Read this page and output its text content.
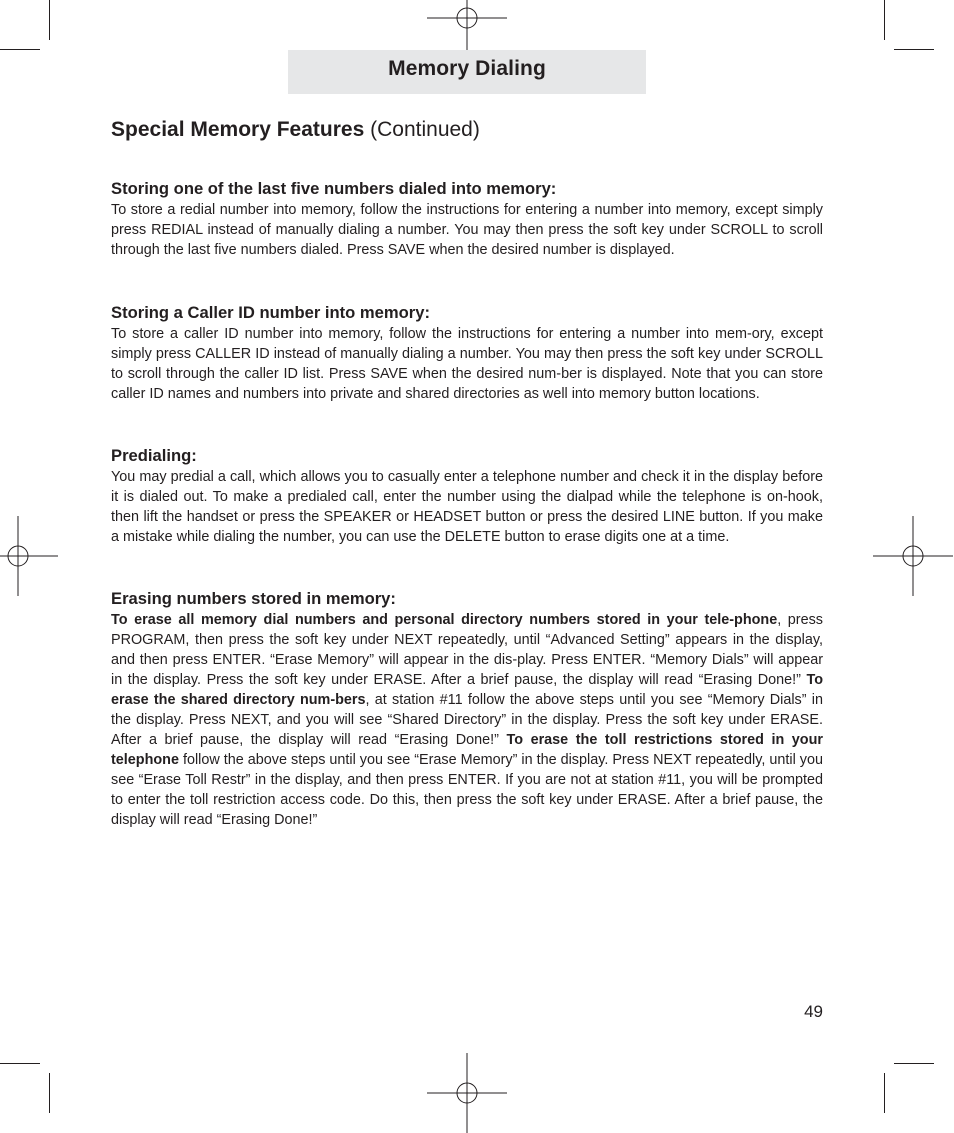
Memory Dialing
Special Memory Features (Continued)
Storing one of the last five numbers dialed into memory:

To store a redial number into memory, follow the instructions for entering a number into memory, except simply press REDIAL instead of manually dialing a number. You may then press the soft key under SCROLL to scroll through the last five numbers dialed. Press SAVE when the desired number is displayed.

Storing a Caller ID number into memory:

To store a caller ID number into memory, follow the instructions for entering a number into mem-ory, except simply press CALLER ID instead of manually dialing a number. You may then press the soft key under SCROLL to scroll through the caller ID list. Press SAVE when the desired num-ber is displayed. Note that you can store caller ID names and numbers into private and shared directories as well into memory button locations.

Predialing:

You may predial a call, which allows you to casually enter a telephone number and check it in the display before it is dialed out. To make a predialed call, enter the number using the dialpad while the telephone is on-hook, then lift the handset or press the SPEAKER or HEADSET button or press the desired LINE button. If you make a mistake while dialing the number, you can use the DELETE button to erase digits one at a time.

Erasing numbers stored in memory:

To erase all memory dial numbers and personal directory numbers stored in your tele-phone, press PROGRAM, then press the soft key under NEXT repeatedly, until “Advanced Setting” appears in the display, and then press ENTER. “Erase Memory” will appear in the dis-play. Press ENTER. “Memory Dials” will appear in the display. Press the soft key under ERASE. After a brief pause, the display will read “Erasing Done!” To erase the shared directory num-bers, at station #11 follow the above steps until you see “Memory Dials” in the display. Press NEXT, and you will see “Shared Directory” in the display. Press the soft key under ERASE. After a brief pause, the display will read “Erasing Done!” To erase the toll restrictions stored in your telephone follow the above steps until you see “Erase Memory” in the display. Press NEXT repeatedly, until you see “Erase Toll Restr” in the display, and then press ENTER. If you are not at station #11, you will be prompted to enter the toll restriction access code. Do this, then press the soft key under ERASE. After a brief pause, the display will read “Erasing Done!”

49
